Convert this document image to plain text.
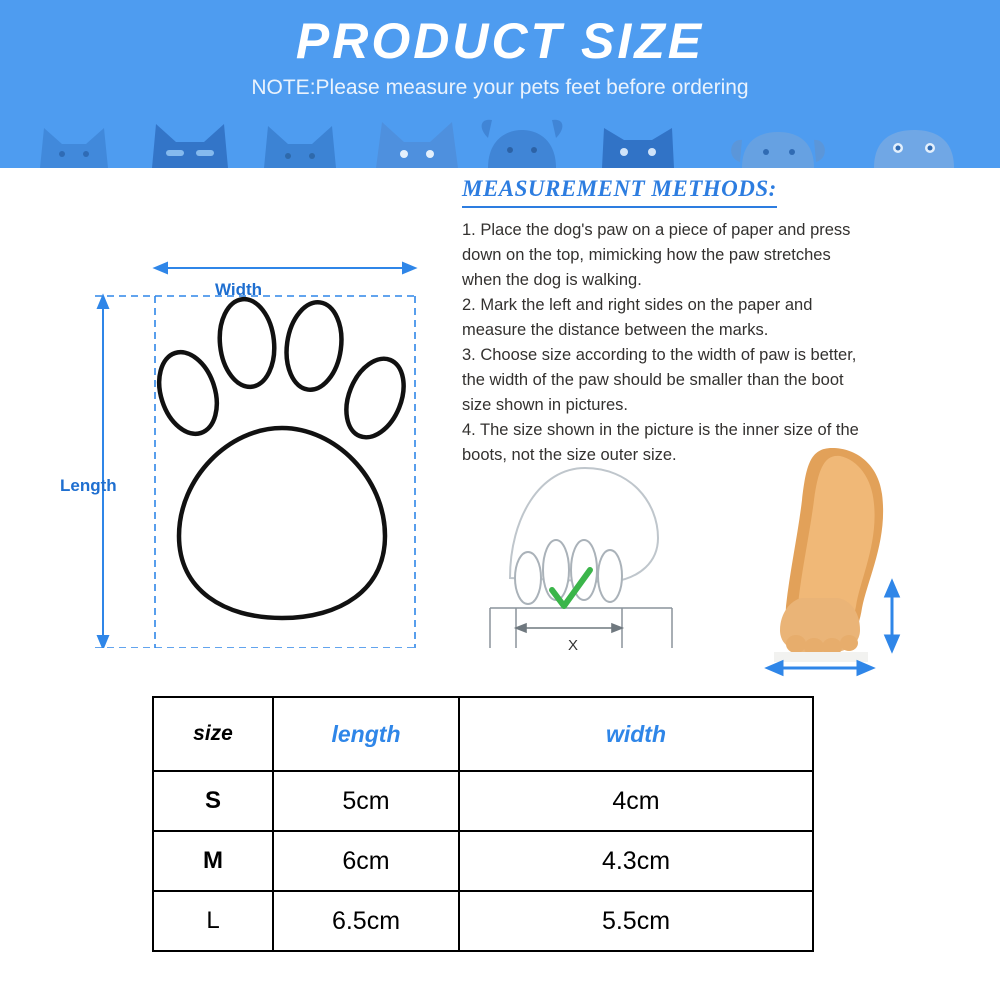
PRODUCT SIZE
NOTE:Please measure your pets feet before ordering
Width
Length
MEASUREMENT METHODS:

1. Place the dog's paw on a piece of paper and press down on the top, mimicking how the paw stretches when the dog is walking.

2. Mark the left and right sides on the paper and measure the distance between the marks.

3. Choose size according to the width of paw is better, the width of the paw should be smaller than the boot size shown in pictures.

4. The size shown in the picture is the inner size of the boots, not the size outer size.

X
size	length	width
S	5cm	4cm
M	6cm	4.3cm
L	6.5cm	5.5cm
